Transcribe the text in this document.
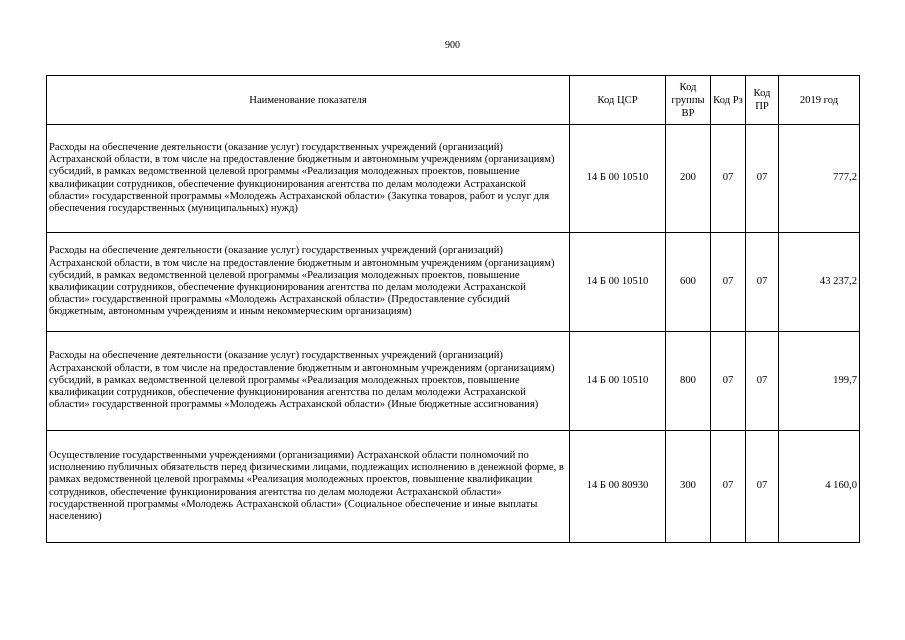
900
Наименование показателя	Код ЦСР	Код группы ВР	Код Рз	Код ПР	2019 год
Расходы на обеспечение деятельности (оказание услуг) государственных учреждений (организаций) Астраханской области, в том числе на предоставление бюджетным и автономным учреждениям (организациям) субсидий, в рамках ведомственной целевой программы «Реализация молодежных проектов, повышение квалификации сотрудников, обеспечение функционирования агентства по делам молодежи Астраханской области» государственной программы «Молодежь Астраханской области» (Закупка товаров, работ и услуг для обеспечения государственных (муниципальных) нужд)	14 Б 00 10510	200	07	07	777,2
Расходы на обеспечение деятельности (оказание услуг) государственных учреждений (организаций) Астраханской области, в том числе на предоставление бюджетным и автономным учреждениям (организациям) субсидий, в рамках ведомственной целевой программы «Реализация молодежных проектов, повышение квалификации сотрудников, обеспечение функционирования агентства по делам молодежи Астраханской области» государственной программы «Молодежь Астраханской области» (Предоставление субсидий бюджетным, автономным учреждениям и иным некоммерческим организациям)	14 Б 00 10510	600	07	07	43 237,2
Расходы на обеспечение деятельности (оказание услуг) государственных учреждений (организаций) Астраханской области, в том числе на предоставление бюджетным и автономным учреждениям (организациям) субсидий, в рамках ведомственной целевой программы «Реализация молодежных проектов, повышение квалификации сотрудников, обеспечение функционирования агентства по делам молодежи Астраханской области» государственной программы «Молодежь Астраханской области» (Иные бюджетные ассигнования)	14 Б 00 10510	800	07	07	199,7
Осуществление государственными учреждениями (организациями) Астраханской области полномочий по исполнению публичных обязательств перед физическими лицами, подлежащих исполнению в денежной форме, в рамках ведомственной целевой программы «Реализация молодежных проектов, повышение квалификации сотрудников, обеспечение функционирования агентства по делам молодежи Астраханской области» государственной программы «Молодежь Астраханской области» (Социальное обеспечение и иные выплаты населению)	14 Б 00 80930	300	07	07	4 160,0
